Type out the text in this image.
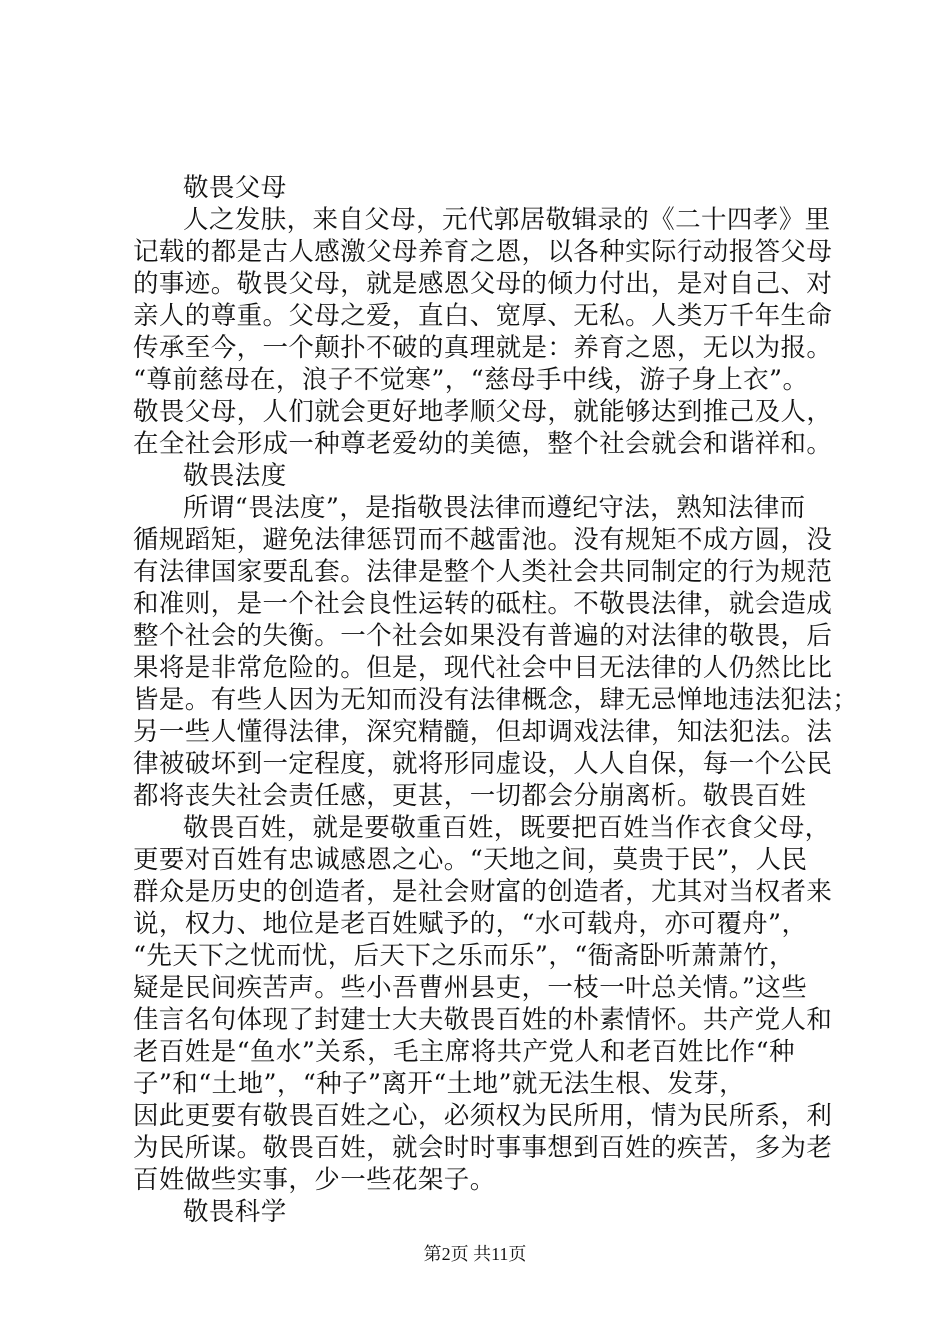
敬畏父母
人之发肤，来自父母，元代郭居敬辑录的《二十四孝》里
记载的都是古人感激父母养育之恩，以各种实际行动报答父母
的事迹。敬畏父母，就是感恩父母的倾力付出，是对自己、对
亲人的尊重。父母之爱，直白、宽厚、无私。人类万千年生命
传承至今，一个颠扑不破的真理就是：养育之恩，无以为报。
“尊前慈母在，浪子不觉寒”，“慈母手中线，游子身上衣”。
敬畏父母，人们就会更好地孝顺父母，就能够达到推己及人，
在全社会形成一种尊老爱幼的美德，整个社会就会和谐祥和。
敬畏法度
所谓“畏法度”，是指敬畏法律而遵纪守法，熟知法律而
循规蹈矩，避免法律惩罚而不越雷池。没有规矩不成方圆，没
有法律国家要乱套。法律是整个人类社会共同制定的行为规范
和准则，是一个社会良性运转的砥柱。不敬畏法律，就会造成
整个社会的失衡。一个社会如果没有普遍的对法律的敬畏，后
果将是非常危险的。但是，现代社会中目无法律的人仍然比比
皆是。有些人因为无知而没有法律概念，肆无忌惮地违法犯法；
另一些人懂得法律，深究精髓，但却调戏法律，知法犯法。法
律被破坏到一定程度，就将形同虚设，人人自保，每一个公民
都将丧失社会责任感，更甚，一切都会分崩离析。敬畏百姓
敬畏百姓，就是要敬重百姓，既要把百姓当作衣食父母，
更要对百姓有忠诚感恩之心。“天地之间，莫贵于民”，人民
群众是历史的创造者，是社会财富的创造者，尤其对当权者来
说，权力、地位是老百姓赋予的，“水可载舟，亦可覆舟”，
“先天下之忧而忧，后天下之乐而乐”，“衙斋卧听萧萧竹，
疑是民间疾苦声。些小吾曹州县吏，一枝一叶总关情。”这些
佳言名句体现了封建士大夫敬畏百姓的朴素情怀。共产党人和
老百姓是“鱼水”关系，毛主席将共产党人和老百姓比作“种
子”和“土地”，“种子”离开“土地”就无法生根、发芽，
因此更要有敬畏百姓之心，必须权为民所用，情为民所系，利
为民所谋。敬畏百姓，就会时时事事想到百姓的疾苦，多为老
百姓做些实事，少一些花架子。
敬畏科学
第2页 共11页
